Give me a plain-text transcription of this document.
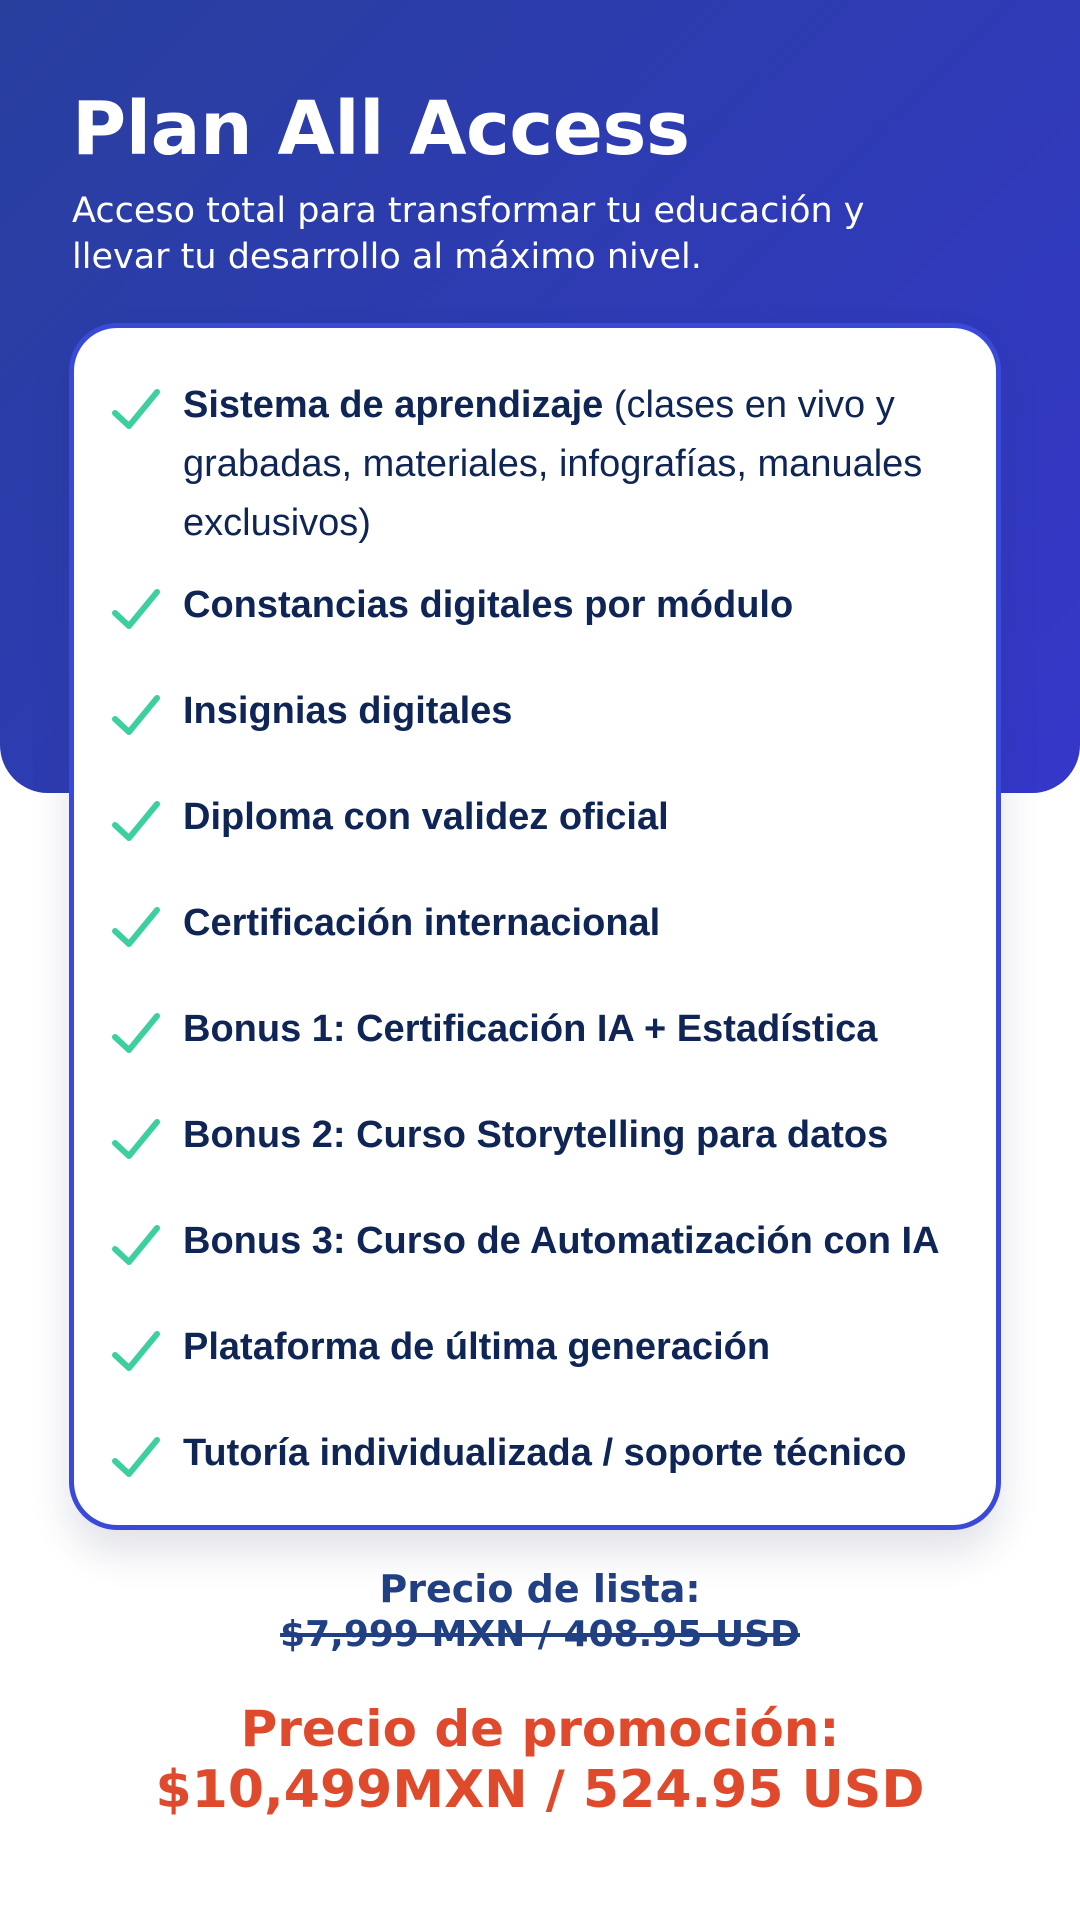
Plan All Access

Acceso total para transformar tu educación y llevar tu desarrollo al máximo nivel.

Sistema de aprendizaje (clases en vivo y grabadas, materiales, infografías, manuales exclusivos)
Constancias digitales por módulo
Insignias digitales
Diploma con validez oficial
Certificación internacional
Bonus 1: Certificación IA + Estadística
Bonus 2: Curso Storytelling para datos
Bonus 3: Curso de Automatización con IA
Plataforma de última generación
Tutoría individualizada / soporte técnico
Precio de lista:
$7,999 MXN / 408.95 USD
Precio de promoción:
$10,499MXN / 524.95 USD
